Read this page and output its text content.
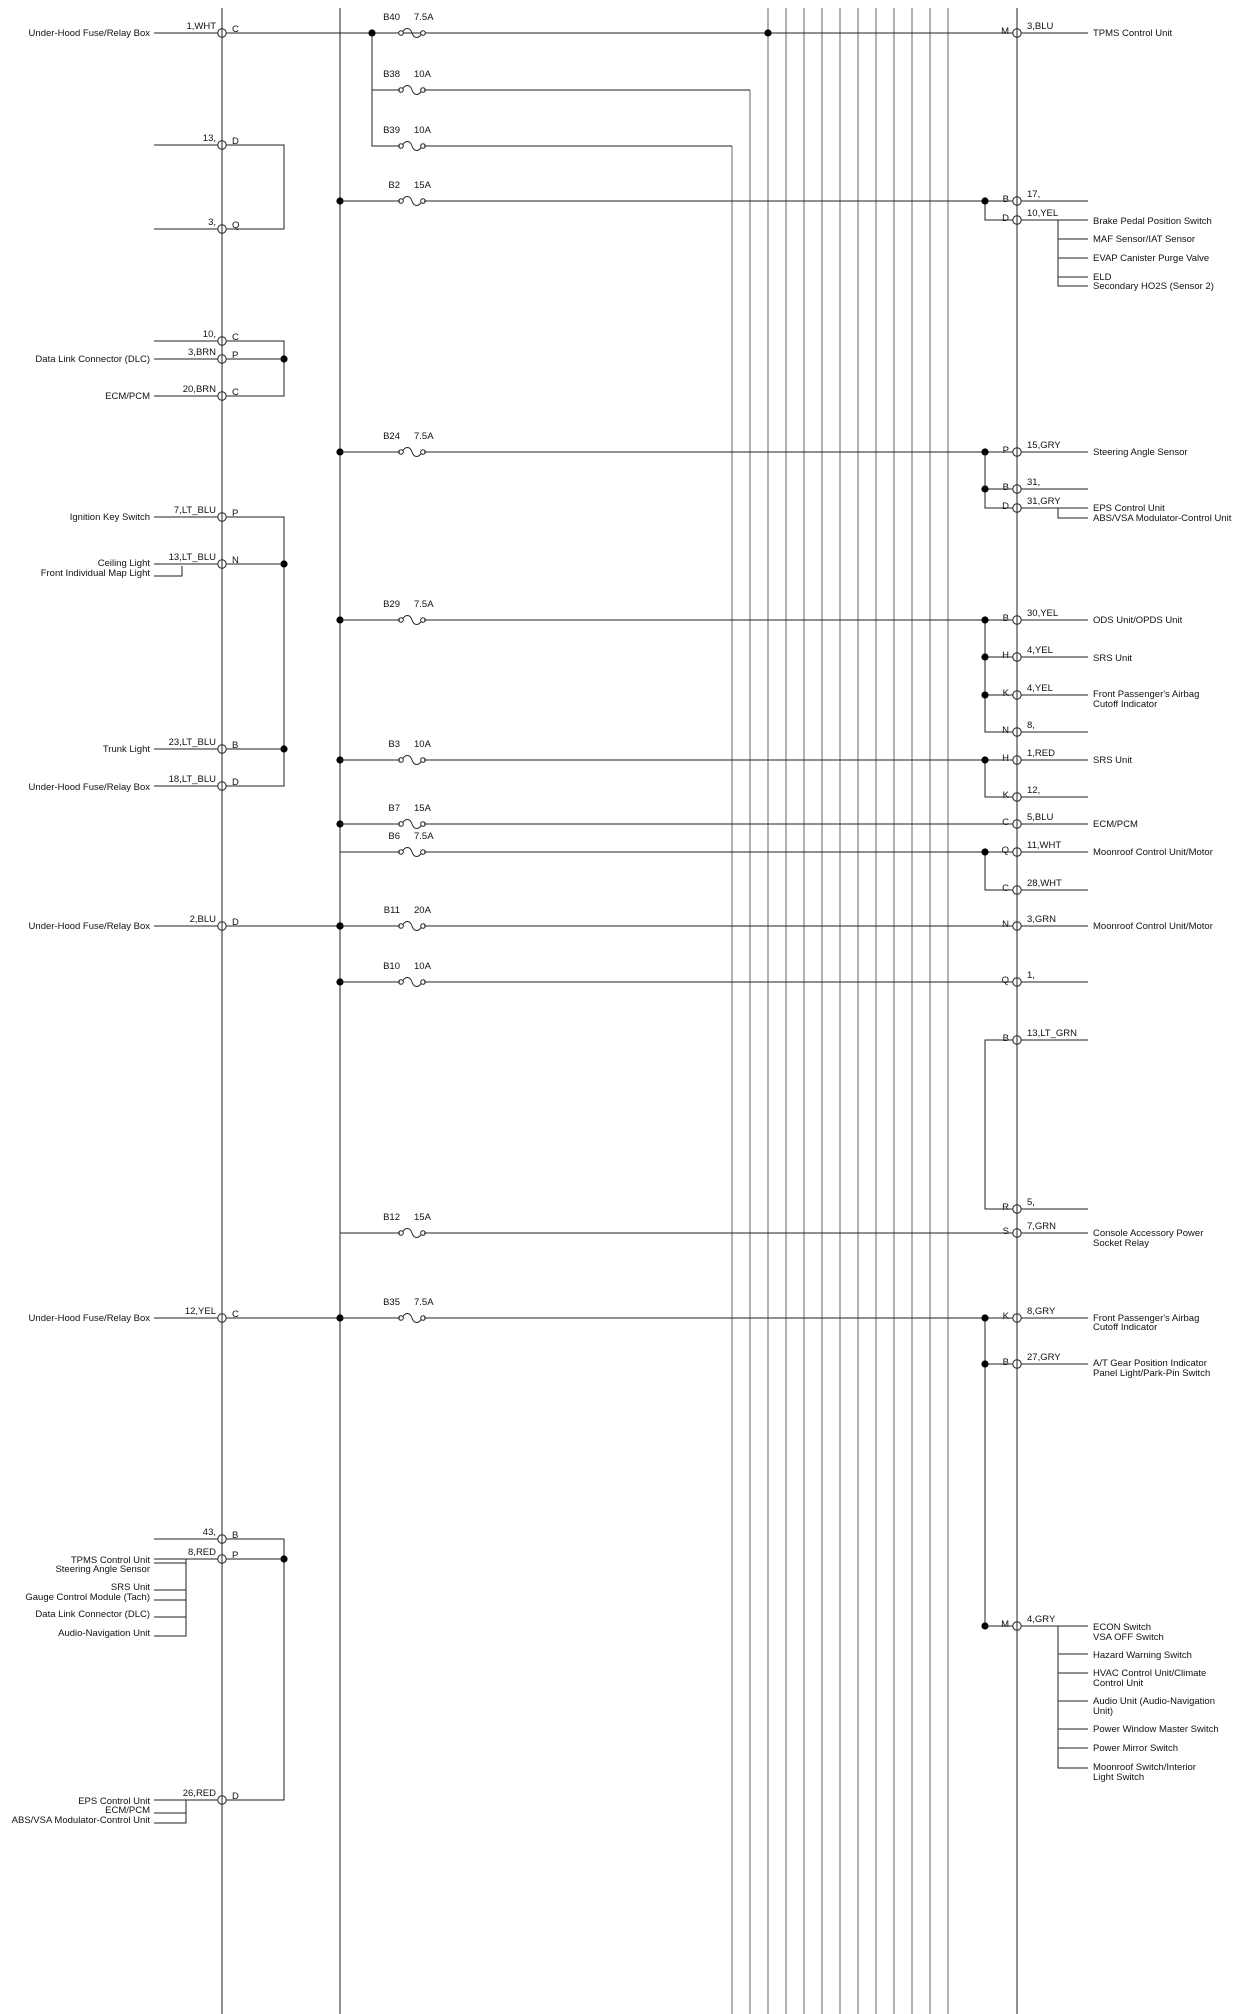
1,WHT C
13, D
3, Q
10, C
3,BRN P
20,BRN C
7,LT_BLU P
13,LT_BLU N
23,LT_BLU B
18,LT_BLU D
2,BLU D
12,YEL C
43, B
8,RED P
26,RED D
Under-Hood Fuse/Relay Box
Data Link Connector (DLC)
ECM/PCM
Ignition Key Switch
Ceiling Light
Front Individual Map Light
Trunk Light
Under-Hood Fuse/Relay Box
Under-Hood Fuse/Relay Box
Under-Hood Fuse/Relay Box
TPMS Control Unit
Steering Angle Sensor
SRS Unit
Gauge Control Module (Tach)
Data Link Connector (DLC)
Audio-Navigation Unit
EPS Control Unit
ECM/PCM
ABS/VSA Modulator-Control Unit
B40 7.5A
B38 10A
B39 10A
B2 15A
B24 7.5A
B29 7.5A
B3 10A
B7 15A
B6 7.5A
B11 20A
B10 10A
B12 15A
B35 7.5A
M 3,BLU
B 17,
D 10,YEL
P 15,GRY
B 31,
D 31,GRY
B 30,YEL
H 4,YEL
K 4,YEL
N 8,
H 1,RED
K 12,
C 5,BLU
Q 11,WHT
C 28,WHT
N 3,GRN
Q 1,
B 13,LT_GRN
R 5,
S 7,GRN
K 8,GRY
B 27,GRY
M 4,GRY
TPMS Control Unit
Brake Pedal Position Switch
MAF Sensor/IAT Sensor
EVAP Canister Purge Valve
ELD
Secondary HO2S (Sensor 2)
Steering Angle Sensor
EPS Control Unit
ABS/VSA Modulator-Control Unit
ODS Unit/OPDS Unit
SRS Unit
Front Passenger's Airbag
Cutoff Indicator
SRS Unit
ECM/PCM
Moonroof Control Unit/Motor
Moonroof Control Unit/Motor
Console Accessory Power
Socket Relay
Front Passenger's Airbag
Cutoff Indicator
A/T Gear Position Indicator
Panel Light/Park-Pin Switch
ECON Switch
VSA OFF Switch
Hazard Warning Switch
HVAC Control Unit/Climate
Control Unit
Audio Unit (Audio-Navigation
Unit)
Power Window Master Switch
Power Mirror Switch
Moonroof Switch/Interior
Light Switch
